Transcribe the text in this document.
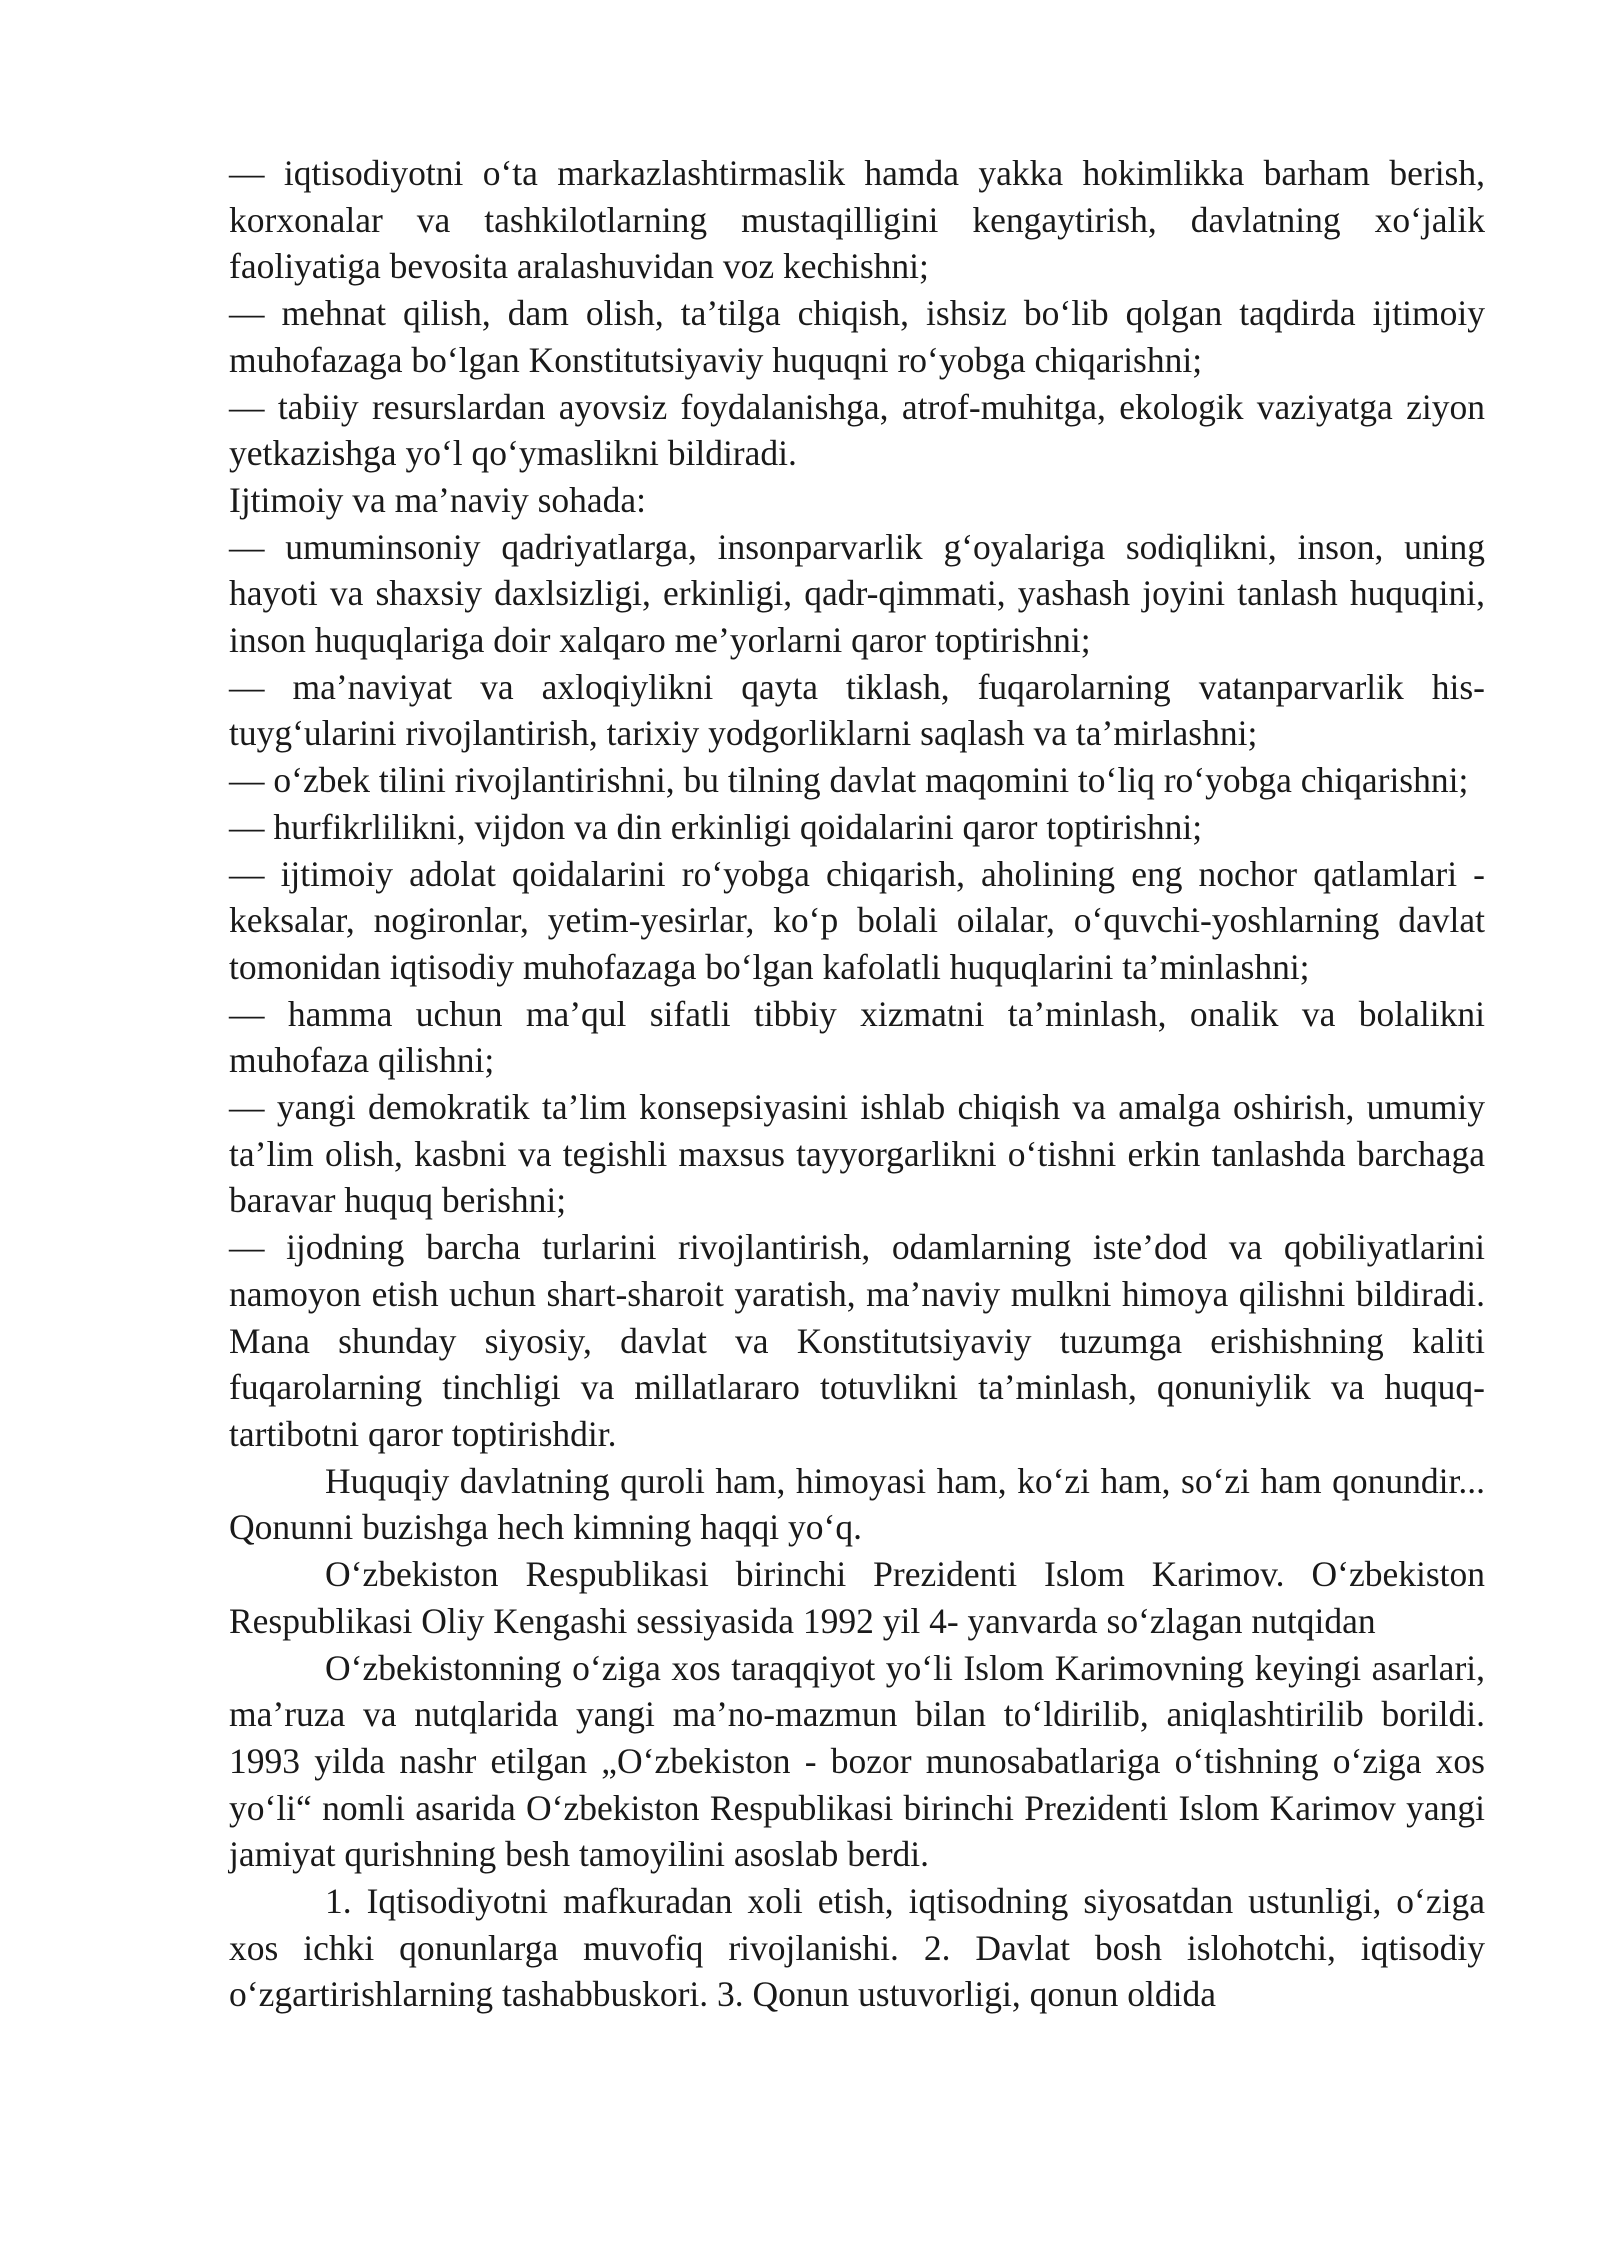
— iqtisodiyotni o‘ta markazlashtirmaslik hamda yakka hokimlikka barham berish, korxonalar va tashkilotlarning mustaqilligini kengaytirish, davlatning xo‘jalik faoliyatiga bevosita aralashuvidan voz kechishni;

— mehnat qilish, dam olish, ta’tilga chiqish, ishsiz bo‘lib qolgan taqdirda ijtimoiy muhofazaga bo‘lgan Konstitutsiyaviy huquqni ro‘yobga chiqarishni;

— tabiiy resurslardan ayovsiz foydalanishga, atrof-muhitga, ekologik vaziyatga ziyon yetkazishga yo‘l qo‘ymaslikni bildiradi.

Ijtimoiy va ma’naviy sohada:

— umuminsoniy qadriyatlarga, insonparvarlik g‘oyalariga sodiqlikni, inson, uning hayoti va shaxsiy daxlsizligi, erkinligi, qadr-qimmati, yashash joyini tanlash huquqini, inson huquqlariga doir xalqaro me’yorlarni qaror toptirishni;

— ma’naviyat va axloqiylikni qayta tiklash, fuqarolarning vatanparvarlik his-tuyg‘ularini rivojlantirish, tarixiy yodgorliklarni saqlash va ta’mirlashni;

— o‘zbek tilini rivojlantirishni, bu tilning davlat maqomini to‘liq ro‘yobga chiqarishni;

— hurfikrlilikni, vijdon va din erkinligi qoidalarini qaror toptirishni;

— ijtimoiy adolat qoidalarini ro‘yobga chiqarish, aholining eng nochor qatlamlari - keksalar, nogironlar, yetim-yesirlar, ko‘p bolali oilalar, o‘quvchi-yoshlarning davlat tomonidan iqtisodiy muhofazaga bo‘lgan kafolatli huquqlarini ta’minlashni;

— hamma uchun ma’qul sifatli tibbiy xizmatni ta’minlash, onalik va bolalikni muhofaza qilishni;

— yangi demokratik ta’lim konsepsiyasini ishlab chiqish va amalga oshirish, umumiy ta’lim olish, kasbni va tegishli maxsus tayyorgarlikni o‘tishni erkin tanlashda barchaga baravar huquq berishni;

— ijodning barcha turlarini rivojlantirish, odamlarning iste’dod va qobiliyatlarini namoyon etish uchun shart-sharoit yaratish, ma’naviy mulkni himoya qilishni bildiradi. Mana shunday siyosiy, davlat va Konstitutsiyaviy tuzumga erishishning kaliti fuqarolarning tinchligi va millatlararo totuvlikni ta’minlash, qonuniylik va huquq-tartibotni qaror toptirishdir.

Huquqiy davlatning quroli ham, himoyasi ham, ko‘zi ham, so‘zi ham qonundir... Qonunni buzishga hech kimning haqqi yo‘q.

O‘zbekiston Respublikasi birinchi Prezidenti Islom Karimov. O‘zbekiston Respublikasi Oliy Kengashi sessiyasida 1992 yil 4- yanvarda so‘zlagan nutqidan

O‘zbekistonning o‘ziga xos taraqqiyot yo‘li Islom Karimovning keyingi asarlari, ma’ruza va nutqlarida yangi ma’no-mazmun bilan to‘ldirilib, aniqlashtirilib borildi. 1993 yilda nashr etilgan „O‘zbekiston - bozor munosabatlariga o‘tishning o‘ziga xos yo‘li“ nomli asarida O‘zbekiston Respublikasi birinchi Prezidenti Islom Karimov yangi jamiyat qurishning besh tamoyilini asoslab berdi.

1. Iqtisodiyotni mafkuradan xoli etish, iqtisodning siyosatdan ustunligi, o‘ziga xos ichki qonunlarga muvofiq rivojlanishi. 2. Davlat bosh islohotchi, iqtisodiy o‘zgartirishlarning tashabbuskori. 3. Qonun ustuvorligi, qonun oldida
